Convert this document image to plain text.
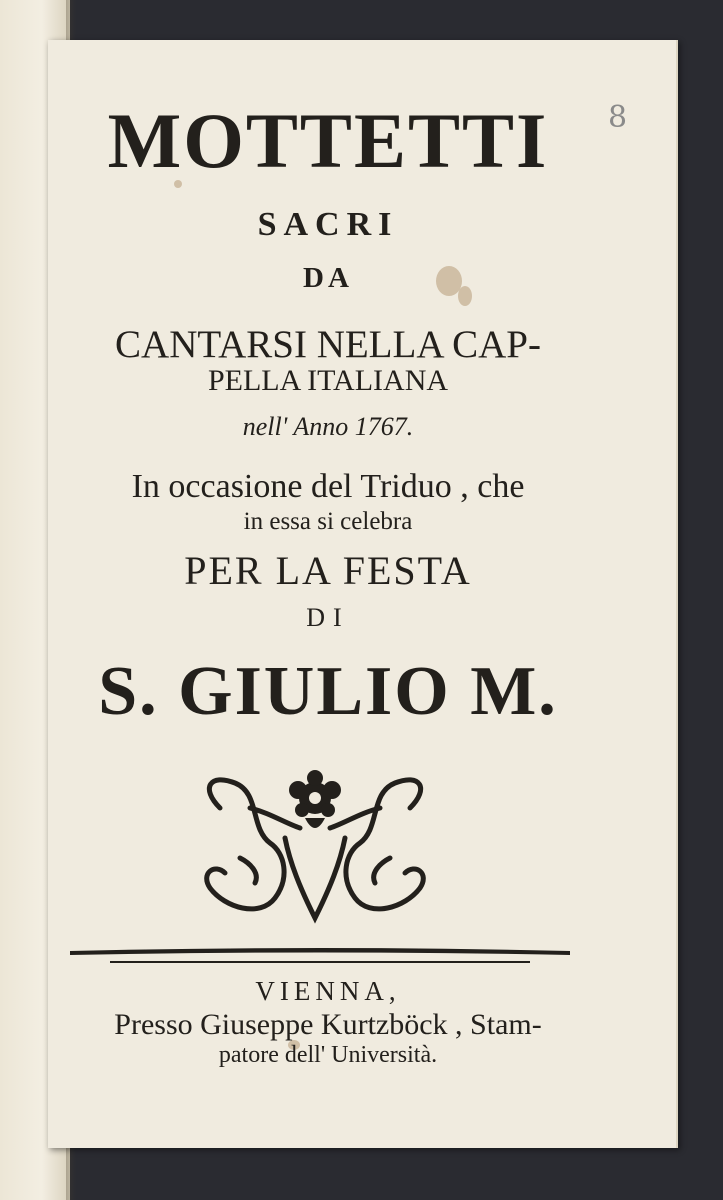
8
MOTTETTI
SACRI
DA
CANTARSI NELLA CAP-
PELLA ITALIANA
nell' Anno 1767.
In occasione del Triduo , che
in essa si celebra
PER LA FESTA
DI
S. GIULIO M.
VIENNA,
Presso Giuseppe Kurtzböck , Stam-
patore dell' Università.
